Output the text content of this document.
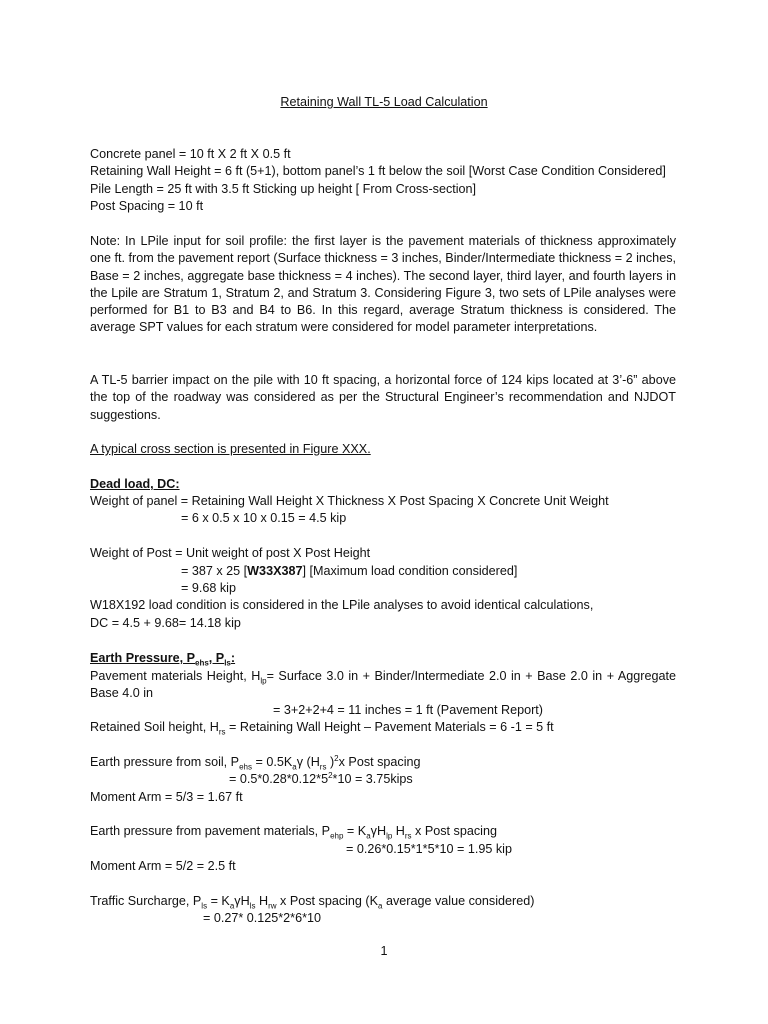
Retaining Wall TL-5 Load Calculation
Concrete panel = 10 ft X 2 ft X 0.5 ft
Retaining Wall Height = 6 ft (5+1), bottom panel’s 1 ft below the soil [Worst Case Condition Considered]
Pile Length = 25 ft with 3.5 ft Sticking up height [ From Cross-section]
Post Spacing = 10 ft
Note: In LPile input for soil profile: the first layer is the pavement materials of thickness approximately one ft. from the pavement report (Surface thickness = 3 inches, Binder/Intermediate thickness = 2 inches, Base = 2 inches, aggregate base thickness = 4 inches). The second layer, third layer, and fourth layers in the Lpile are Stratum 1, Stratum 2, and Stratum 3. Considering Figure 3, two sets of LPile analyses were performed for B1 to B3 and B4 to B6. In this regard, average Stratum thickness is considered. The average SPT values for each stratum were considered for model parameter interpretations.
A TL-5 barrier impact on the pile with 10 ft spacing, a horizontal force of 124 kips located at 3’-6” above the top of the roadway was considered as per the Structural Engineer’s recommendation and NJDOT suggestions.
A typical cross section is presented in Figure XXX.
Dead load, DC:
Weight of panel = Retaining Wall Height X Thickness X Post Spacing X Concrete Unit Weight
= 6 x 0.5 x 10 x 0.15 = 4.5 kip
Weight of Post = Unit weight of post X Post Height
= 387 x 25 [W33X387] [Maximum load condition considered]
= 9.68 kip
W18X192 load condition is considered in the LPile analyses to avoid identical calculations,
DC = 4.5 + 9.68= 14.18 kip
Earth Pressure, $P_{ehs}$, $P_{ls}$:
Pavement materials Height, $H_{lp}=$ Surface 3.0 in + Binder/Intermediate 2.0 in + Base 2.0 in + Aggregate Base 4.0 in
= 3+2+2+4 = 11 inches = 1 ft (Pavement Report)
Retained Soil height, $H_{rs}$ = Retaining Wall Height – Pavement Materials = 6 -1 = 5 ft
Earth pressure from soil, $P_{ehs} = 0.5K_a\gamma$ ($H_{rs}$ )$^2$x Post spacing
= $0.5*0.28*0.12*5^2*10$ = 3.75kips
Moment Arm = 5/3 = 1.67 ft
Earth pressure from pavement materials, $P_{ehp} = K_a\gamma H_{lp}$ $H_{rs}$ x Post spacing
= 0.26*0.15*1*5*10 = 1.95 kip
Moment Arm = 5/2 = 2.5 ft
Traffic Surcharge, $P_{ls} = K_a\gamma H_{ls}$ $H_{rw}$ x Post spacing ($K_a$ average value considered)
= 0.27* 0.125*2*6*10
1
